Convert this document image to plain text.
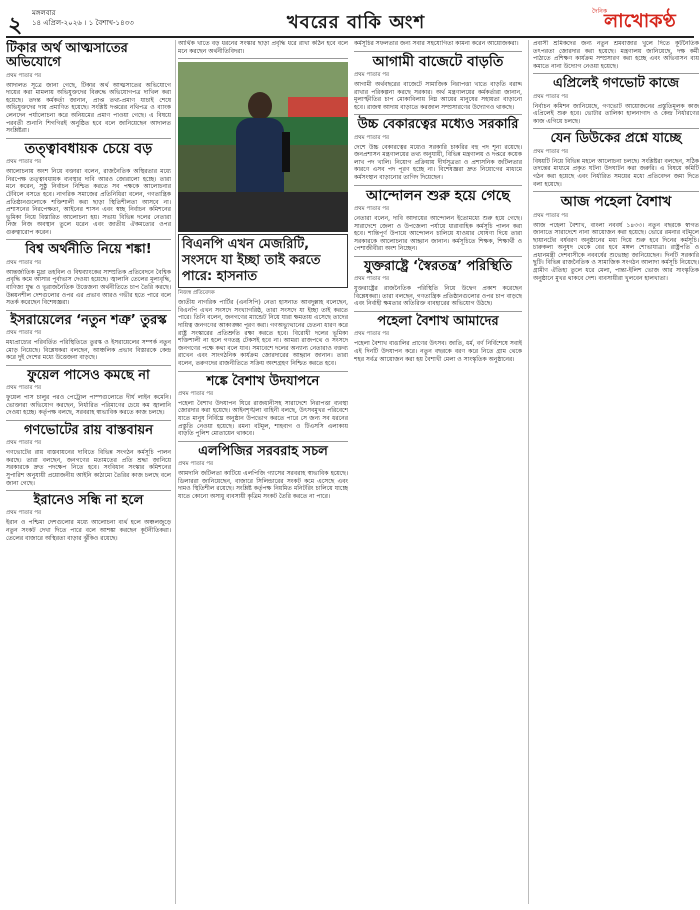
২ মঙ্গলবার
১৪ এপ্রিল-২০২৬ । ১ বৈশাখ-১৪৩৩	খবরের বাকি অংশ
দৈনিক
লাখোকণ্ঠ
টিকার অর্থ আত্মসাতের অভিযোগে
প্রথম পাতার পর

আদালত সূত্রে জানা গেছে, টিকার অর্থ আত্মসাতের অভিযোগে দায়ের করা মামলায় অভিযুক্তদের বিরুদ্ধে অভিযোগপত্র দাখিল করা হয়েছে। তদন্ত কর্মকর্তা জানান, প্রাপ্ত তথ্য-প্রমাণ যাচাই শেষে অভিযুক্তদের দায় প্রমাণিত হয়েছে। সংশ্লিষ্ট দপ্তরের নথিপত্র ও ব্যাংক লেনদেন পর্যালোচনা করে অনিয়মের প্রমাণ পাওয়া গেছে। এ বিষয়ে পরবর্তী শুনানি শিগগিরই অনুষ্ঠিত হবে বলে জানিয়েছেন আদালত সংশ্লিষ্টরা।

তত্ত্বাবধায়ক চেয়ে বড়
প্রথম পাতার পর

আলোচনায় অংশ নিয়ে বক্তারা বলেন, রাজনৈতিক অস্থিরতার মধ্যে নিরপেক্ষ তত্ত্বাবধায়ক ব্যবস্থার দাবি আরও জোরালো হচ্ছে। তারা মনে করেন, সুষ্ঠু নির্বাচন নিশ্চিত করতে সব পক্ষকে আলোচনার টেবিলে বসতে হবে। নাগরিক সমাজের প্রতিনিধিরা বলেন, গণতান্ত্রিক প্রতিষ্ঠানগুলোকে শক্তিশালী করা ছাড়া স্থিতিশীলতা আসবে না। প্রশাসনের নিরপেক্ষতা, আইনের শাসন এবং স্বচ্ছ নির্বাচন কমিশনের ভূমিকা নিয়ে বিস্তারিত আলোচনা হয়। সভায় বিভিন্ন দলের নেতারা নিজ নিজ অবস্থান তুলে ধরেন এবং জাতীয় ঐকমত্যের ওপর গুরুত্বারোপ করেন।

বিশ্ব অর্থনীতি নিয়ে শঙ্কা!
প্রথম পাতার পর

আন্তর্জাতিক মুদ্রা তহবিল ও বিশ্বব্যাংকের সাম্প্রতিক প্রতিবেদনে বৈশ্বিক প্রবৃদ্ধি কমে আসার পূর্বাভাস দেওয়া হয়েছে। জ্বালানি তেলের মূল্যবৃদ্ধি, বাণিজ্য যুদ্ধ ও ভূরাজনৈতিক উত্তেজনা অর্থনীতিতে চাপ তৈরি করছে। উন্নয়নশীল দেশগুলোর ওপর এর প্রভাব আরও গভীর হতে পারে বলে সতর্ক করেছেন বিশেষজ্ঞরা।

ইসরায়েলের ‘নতুন শত্রু’ তুরস্ক
প্রথম পাতার পর

মধ্যপ্রাচ্যের পরিবর্তিত পরিস্থিতিতে তুরস্ক ও ইসরায়েলের সম্পর্ক নতুন মোড় নিয়েছে। বিশ্লেষকরা বলছেন, আঞ্চলিক প্রভাব বিস্তারকে কেন্দ্র করে দুই দেশের মধ্যে উত্তেজনা বাড়ছে।

ফুয়েল পাসেও কমছে না
প্রথম পাতার পর

ফুয়েল পাস চালুর পরও পেট্রোল পাম্পগুলোতে দীর্ঘ লাইন কমেনি। ভোক্তারা অভিযোগ করছেন, নির্ধারিত পরিমাণের চেয়ে কম জ্বালানি দেওয়া হচ্ছে। কর্তৃপক্ষ বলছে, সরবরাহ স্বাভাবিক করতে কাজ চলছে।

গণভোটের রায় বাস্তবায়ন
প্রথম পাতার পর

গণভোটের রায় বাস্তবায়নের দাবিতে বিভিন্ন সংগঠন কর্মসূচি পালন করছে। তারা বলছেন, জনগণের মতামতের প্রতি শ্রদ্ধা জানিয়ে সরকারকে দ্রুত পদক্ষেপ নিতে হবে। সংবিধান সংস্কার কমিশনের সুপারিশ অনুযায়ী প্রয়োজনীয় আইনি কাঠামো তৈরির কাজ চলছে বলে জানা গেছে।

ইরানেও সন্ধি না হলে
প্রথম পাতার পর

ইরান ও পশ্চিমা দেশগুলোর মধ্যে আলোচনা ব্যর্থ হলে অঞ্চলজুড়ে নতুন সংকট দেখা দিতে পারে বলে আশঙ্কা করছেন কূটনীতিকরা। তেলের বাজারে অস্থিরতা বাড়ার ঝুঁকিও রয়েছে।

আর্থিক খাতে বড় ধরনের সংস্কার ছাড়া প্রবৃদ্ধি ধরে রাখা কঠিন হবে বলে মনে করছেন অর্থনীতিবিদরা।

বিএনপি এখন মেজরিটি, সংসদে যা ইচ্ছা তাই করতে পারে: হাসনাত
নিজস্ব প্রতিবেদক

জাতীয় নাগরিক পার্টির (এনসিপি) নেতা হাসনাত আবদুল্লাহ বলেছেন, বিএনপি এখন সংসদে সংখ্যাগরিষ্ঠ, তারা সংসদে যা ইচ্ছা তাই করতে পারে। তিনি বলেন, জনগণের ম্যান্ডেট নিয়ে যারা ক্ষমতায় এসেছে তাদের দায়িত্ব জনগণের আকাঙ্ক্ষা পূরণ করা। গণঅভ্যুত্থানের চেতনা ধারণ করে রাষ্ট্র সংস্কারের প্রতিশ্রুতি রক্ষা করতে হবে। বিরোধী দলের ভূমিকা শক্তিশালী না হলে গণতন্ত্র টেকসই হবে না। আমরা রাজপথে ও সংসদে জনগণের পক্ষে কথা বলে যাব। সমাবেশে দলের অন্যান্য নেতারাও বক্তব্য রাখেন এবং সাংগঠনিক কার্যক্রম জোরদারের আহ্বান জানান। তারা বলেন, তরুণদের রাজনীতিতে সক্রিয় অংশগ্রহণ নিশ্চিত করতে হবে।

শঙ্কে বৈশাখ উদযাপনে
প্রথম পাতার পর

পহেলা বৈশাখ উদযাপন ঘিরে রাজধানীসহ সারাদেশে নিরাপত্তা ব্যবস্থা জোরদার করা হয়েছে। আইনশৃঙ্খলা বাহিনী বলছে, উৎসবমুখর পরিবেশে যাতে মানুষ নির্বিঘ্নে অনুষ্ঠান উপভোগ করতে পারে সে জন্য সব ধরনের প্রস্তুতি নেওয়া হয়েছে। রমনা বটমূল, শাহবাগ ও টিএসসি এলাকায় বাড়তি পুলিশ মোতায়েন থাকবে।

এলপিজির সরবরাহ সচল
প্রথম পাতার পর

আমদানি জটিলতা কাটিয়ে এলপিজি গ্যাসের সরবরাহ স্বাভাবিক হয়েছে। ডিলাররা জানিয়েছেন, বাজারে সিলিন্ডারের সংকট কমে এসেছে এবং দামও স্থিতিশীল রয়েছে। সংশ্লিষ্ট কর্তৃপক্ষ নিয়মিত মনিটরিং চালিয়ে যাচ্ছে যাতে কোনো অসাধু ব্যবসায়ী কৃত্রিম সংকট তৈরি করতে না পারে।

কর্মসূচির সফলতার জন্য সবার সহযোগিতা কামনা করেন আয়োজকরা।

আগামী বাজেটে বাড়তি
প্রথম পাতার পর

আগামী অর্থবছরের বাজেটে সামাজিক নিরাপত্তা খাতে বাড়তি বরাদ্দ রাখার পরিকল্পনা করছে সরকার। অর্থ মন্ত্রণালয়ের কর্মকর্তারা জানান, মূল্যস্ফীতির চাপ মোকাবিলায় নিম্ন আয়ের মানুষের সহায়তা বাড়ানো হবে। রাজস্ব আদায় বাড়াতে করজাল সম্প্রসারণের উদ্যোগও থাকছে।

উচ্চ বেকারত্বের মধ্যেও সরকারি
প্রথম পাতার পর

দেশে উচ্চ বেকারত্বের মধ্যেও সরকারি চাকরির বহু পদ শূন্য রয়েছে। জনপ্রশাসন মন্ত্রণালয়ের তথ্য অনুযায়ী, বিভিন্ন মন্ত্রণালয় ও দপ্তরে কয়েক লাখ পদ খালি। নিয়োগ প্রক্রিয়ায় দীর্ঘসূত্রতা ও প্রশাসনিক জটিলতার কারণে এসব পদ পূরণ হচ্ছে না। বিশেষজ্ঞরা দ্রুত নিয়োগের মাধ্যমে কর্মসংস্থান বাড়ানোর তাগিদ দিয়েছেন।

আন্দোলন শুরু হয়ে গেছে
প্রথম পাতার পর

নেতারা বলেন, দাবি আদায়ের আন্দোলন ইতোমধ্যে শুরু হয়ে গেছে। সারাদেশে জেলা ও উপজেলা পর্যায়ে ধারাবাহিক কর্মসূচি পালন করা হবে। শান্তিপূর্ণ উপায়ে আন্দোলন চালিয়ে যাওয়ার ঘোষণা দিয়ে তারা সরকারকে আলোচনার আহ্বান জানান। কর্মসূচিতে শিক্ষক, শিক্ষার্থী ও পেশাজীবীরা অংশ নিচ্ছেন।

যুক্তরাষ্ট্রে ‘স্বৈরতন্ত্র’ পরিস্থিতি
প্রথম পাতার পর

যুক্তরাষ্ট্রের রাজনৈতিক পরিস্থিতি নিয়ে উদ্বেগ প্রকাশ করেছেন বিশ্লেষকরা। তারা বলছেন, গণতান্ত্রিক প্রতিষ্ঠানগুলোর ওপর চাপ বাড়ছে এবং নির্বাহী ক্ষমতার অতিরিক্ত ব্যবহারের অভিযোগ উঠছে।

পহেলা বৈশাখ আমাদের
প্রথম পাতার পর

পহেলা বৈশাখ বাঙালির প্রাণের উৎসব। জাতি, ধর্ম, বর্ণ নির্বিশেষে সবাই এই দিনটি উদযাপন করে। নতুন বছরকে বরণ করে নিতে গ্রাম থেকে শহর সর্বত্র আয়োজন করা হয় বৈশাখী মেলা ও সাংস্কৃতিক অনুষ্ঠানের।

প্রবাসী শ্রমিকদের জন্য নতুন শ্রমবাজার খুলে দিতে কূটনৈতিক তৎপরতা জোরদার করা হয়েছে। মন্ত্রণালয় জানিয়েছে, দক্ষ কর্মী পাঠাতে প্রশিক্ষণ কার্যক্রম সম্প্রসারণ করা হচ্ছে এবং অভিবাসন ব্যয় কমাতে নানা উদ্যোগ নেওয়া হয়েছে।

এপ্রিলেই গণভোট কাজে
প্রথম পাতার পর

নির্বাচন কমিশন জানিয়েছে, গণভোট আয়োজনের প্রস্তুতিমূলক কাজ এপ্রিলেই শুরু হবে। ভোটার তালিকা হালনাগাদ ও কেন্দ্র নির্ধারণের কাজ এগিয়ে চলছে।

যেন ডিউকের প্রশ্নে যাচ্ছে
প্রথম পাতার পর

বিষয়টি নিয়ে বিভিন্ন মহলে আলোচনা চলছে। সংশ্লিষ্টরা বলছেন, সঠিক তদন্তের মাধ্যমে প্রকৃত ঘটনা উদঘাটন করা জরুরি। এ বিষয়ে কমিটি গঠন করা হয়েছে এবং নির্ধারিত সময়ের মধ্যে প্রতিবেদন জমা দিতে বলা হয়েছে।

আজ পহেলা বৈশাখ
প্রথম পাতার পর

আজ পহেলা বৈশাখ, বাংলা নববর্ষ ১৪৩৩। নতুন বছরকে স্বাগত জানাতে সারাদেশে নানা আয়োজন করা হয়েছে। ভোরে রমনার বটমূলে ছায়ানটের বর্ষবরণ অনুষ্ঠানের মধ্য দিয়ে শুরু হবে দিনের কর্মসূচি। চারুকলা অনুষদ থেকে বের হবে মঙ্গল শোভাযাত্রা। রাষ্ট্রপতি ও প্রধানমন্ত্রী দেশবাসীকে নববর্ষের শুভেচ্ছা জানিয়েছেন। দিনটি সরকারি ছুটি। বিভিন্ন রাজনৈতিক ও সামাজিক সংগঠন আলাদা কর্মসূচি নিয়েছে। গ্রামীণ ঐতিহ্য তুলে ধরে মেলা, পান্তা-ইলিশ ভোজ আর সাংস্কৃতিক অনুষ্ঠানে মুখর থাকবে দেশ। ব্যবসায়ীরা খুলবেন হালখাতা।
